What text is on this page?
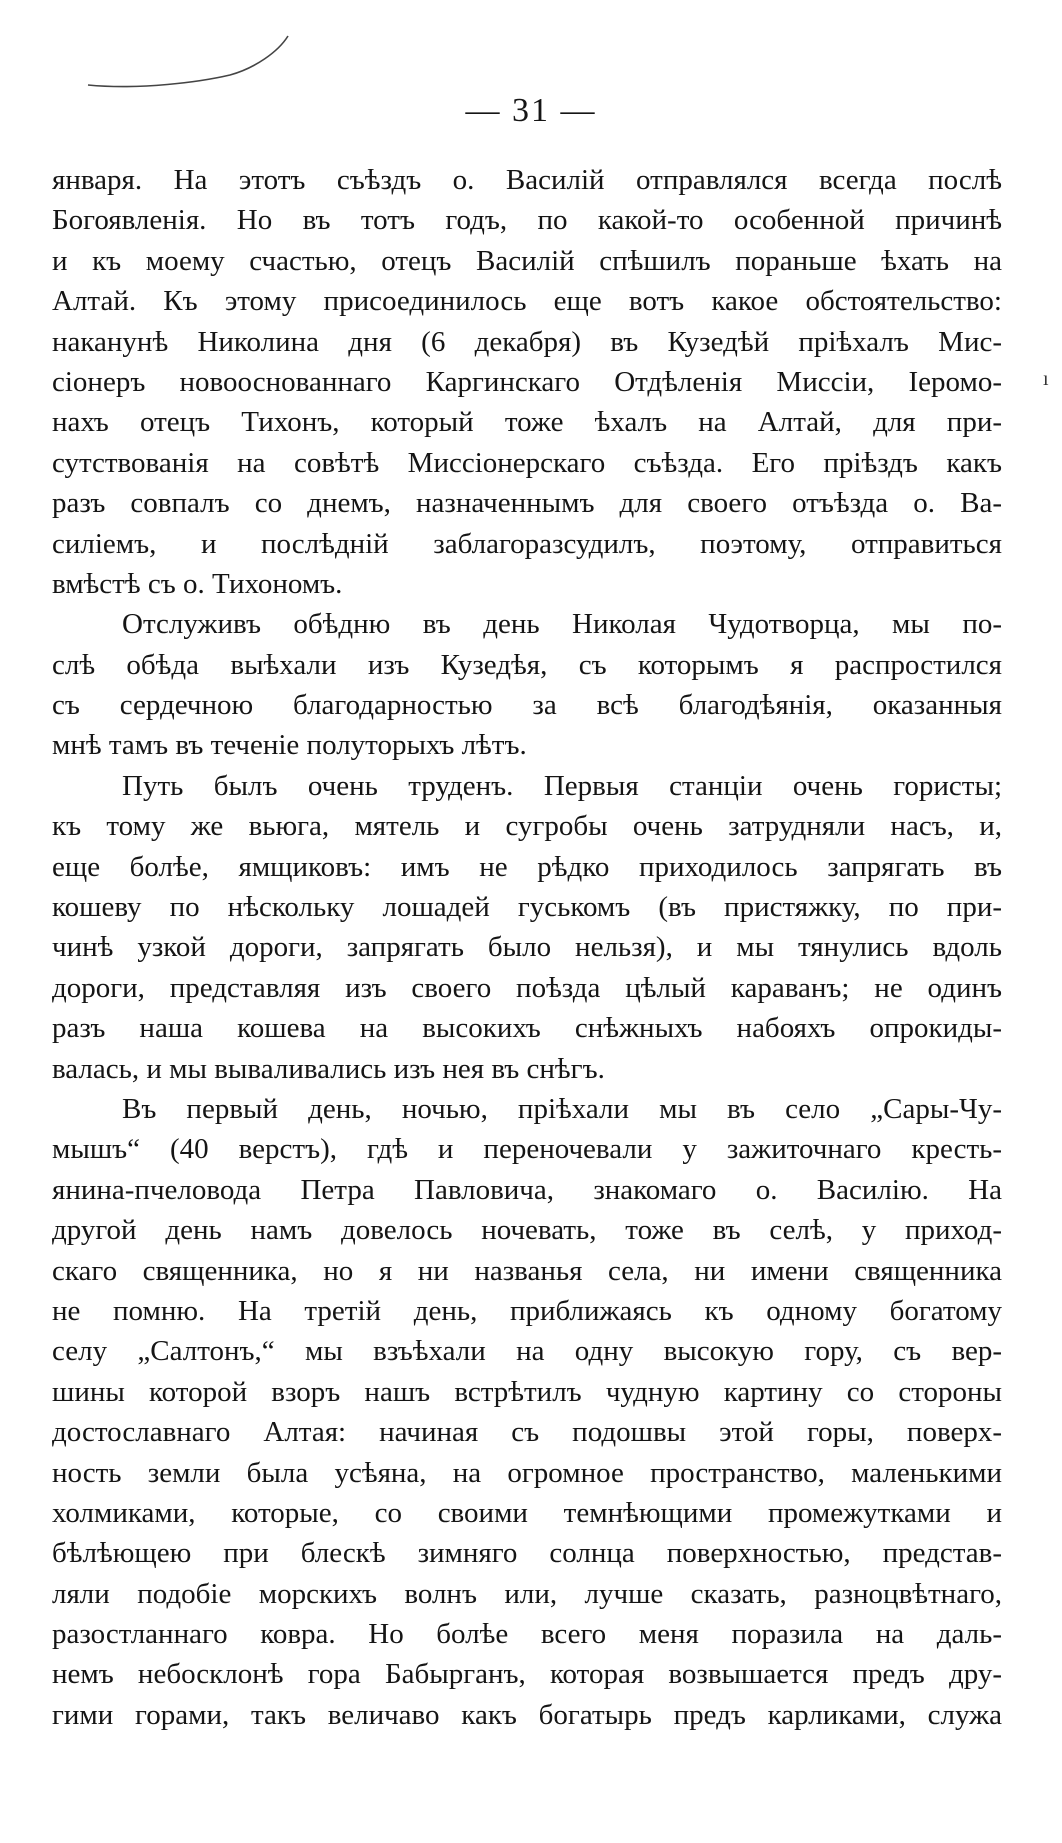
— 31 —
ı
января. На этотъ съѣздъ о. Василій отправлялся всегда послѣ
Богоявленія. Но въ тотъ годъ, по какой-то особенной причинѣ
и къ моему счастью, отецъ Василій спѣшилъ пораньше ѣхать на
Алтай. Къ этому присоединилось еще вотъ какое обстоятельство:
наканунѣ Николина дня (6 декабря) въ Кузедѣй пріѣхалъ Мис-
сіонеръ новооснованнаго Каргинскаго Отдѣленія Миссіи, Іеромо-
нахъ отецъ Тихонъ, который тоже ѣхалъ на Алтай, для при-
сутствованія на совѣтѣ Миссіонерскаго съѣзда. Его пріѣздъ какъ
разъ совпалъ со днемъ, назначеннымъ для своего отъѣзда о. Ва-
силіемъ, и послѣдній заблагоразсудилъ, поэтому, отправиться
вмѣстѣ съ о. Тихономъ.
Отслуживъ обѣдню въ день Николая Чудотворца, мы по-
слѣ обѣда выѣхали изъ Кузедѣя, съ которымъ я распростился
съ сердечною благодарностью за всѣ благодѣянія, оказанныя
мнѣ тамъ въ теченіе полуторыхъ лѣтъ.
Путь былъ очень труденъ. Первыя станціи очень гористы;
къ тому же вьюга, мятель и сугробы очень затрудняли насъ, и,
еще болѣе, ямщиковъ: имъ не рѣдко приходилось запрягать въ
кошеву по нѣскольку лошадей гуськомъ (въ пристяжку, по при-
чинѣ узкой дороги, запрягать было нельзя), и мы тянулись вдоль
дороги, представляя изъ своего поѣзда цѣлый караванъ; не одинъ
разъ наша кошева на высокихъ снѣжныхъ набояхъ опрокиды-
валась, и мы вываливались изъ нея въ снѣгъ.
Въ первый день, ночью, пріѣхали мы въ село „Сары-Чу-
мышъ“ (40 верстъ), гдѣ и переночевали у зажиточнаго кресть-
янина-пчеловода Петра Павловича, знакомаго о. Василію. На
другой день намъ довелось ночевать, тоже въ селѣ, у приход-
скаго священника, но я ни названья села, ни имени священника
не помню. На третій день, приближаясь къ одному богатому
селу „Салтонъ,“ мы взъѣхали на одну высокую гору, съ вер-
шины которой взоръ нашъ встрѣтилъ чудную картину со стороны
достославнаго Алтая: начиная съ подошвы этой горы, поверх-
ность земли была усѣяна, на огромное пространство, маленькими
холмиками, которые, со своими темнѣющими промежутками и
бѣлѣющею при блескѣ зимняго солнца поверхностью, представ-
ляли подобіе морскихъ волнъ или, лучше сказать, разноцвѣтнаго,
разостланнаго ковра. Но болѣе всего меня поразила на даль-
немъ небосклонѣ гора Бабырганъ, которая возвышается предъ дру-
гими горами, такъ величаво какъ богатырь предъ карликами, служа
